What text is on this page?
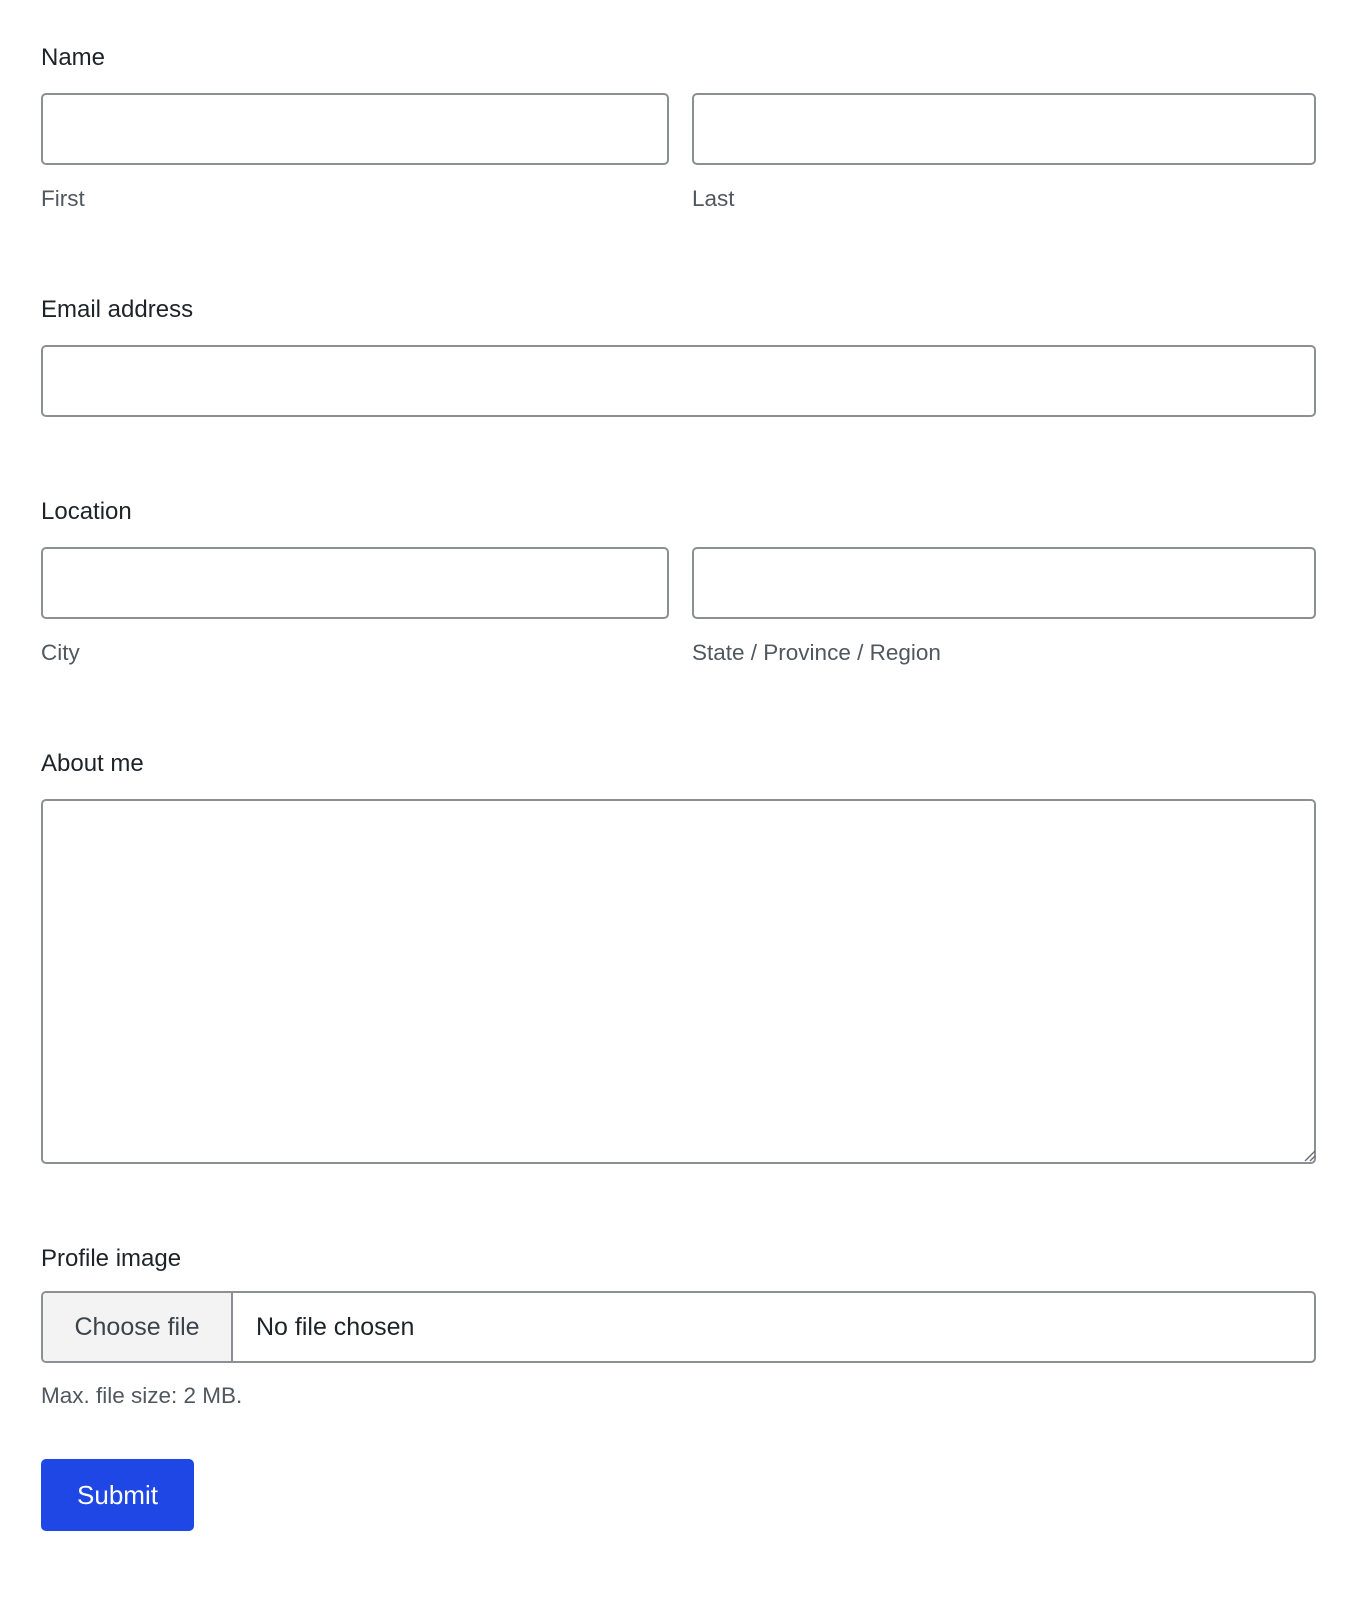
Name
First	Last
Email address
Location
City	State / Province / Region
About me
Profile image
Choose file	No file chosen
Max. file size: 2 MB.
Submit
